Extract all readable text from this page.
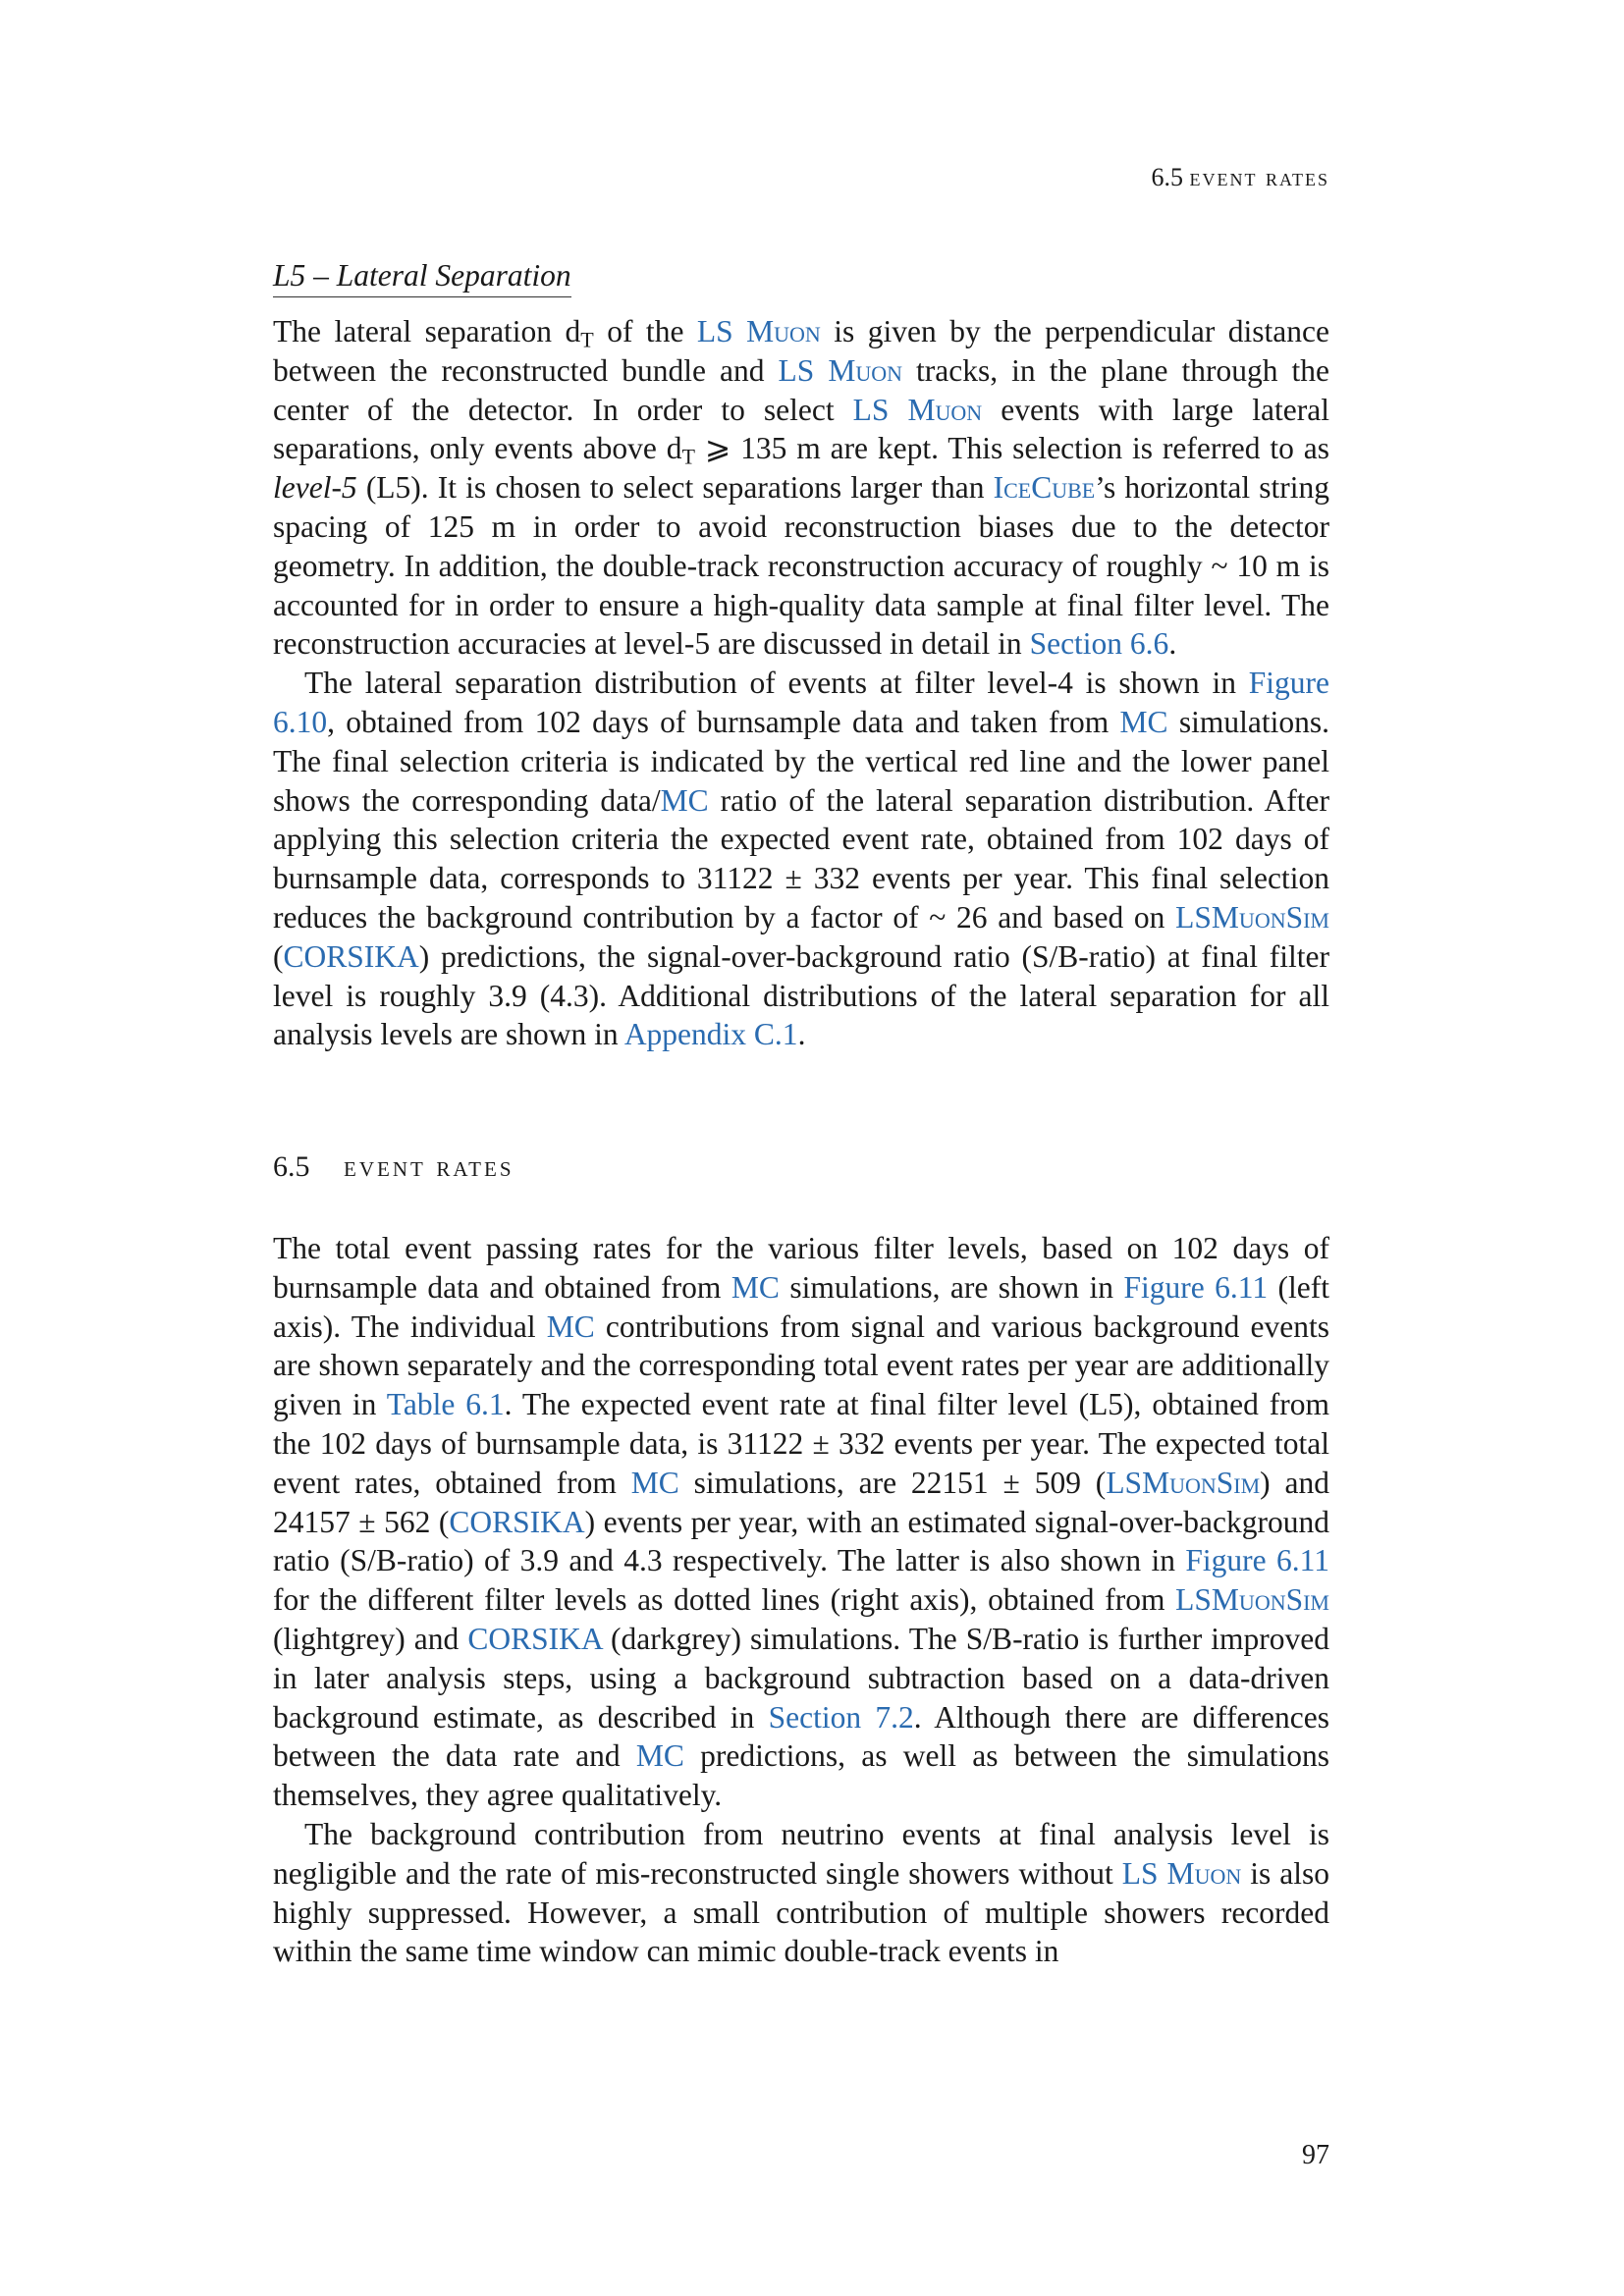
6.5 event rates
L5 – Lateral Separation

The lateral separation $d_T$ of the LS Muon is given by the perpendicular distance between the reconstructed bundle and LS Muon tracks, in the plane through the center of the detector. In order to select LS Muon events with large lateral separations, only events above $d_T$ ⩾ 135 m are kept. This selection is referred to as level-5 (L5). It is chosen to select separations larger than IceCube’s horizontal string spacing of 125 m in order to avoid reconstruction biases due to the detector geometry. In addition, the double-track reconstruction accuracy of roughly ~ 10 m is accounted for in order to ensure a high-quality data sample at final filter level. The reconstruction accuracies at level-5 are discussed in detail in Section 6.6.

The lateral separation distribution of events at filter level-4 is shown in Figure 6.10, obtained from 102 days of burnsample data and taken from MC simulations. The final selection criteria is indicated by the vertical red line and the lower panel shows the corresponding data/MC ratio of the lateral separation distribution. After applying this selection criteria the expected event rate, obtained from 102 days of burnsample data, corresponds to 31122 ± 332 events per year. This final selection reduces the background contribution by a factor of ~ 26 and based on LSMuonSim (CORSIKA) predictions, the signal-over-background ratio (S/B-ratio) at final filter level is roughly 3.9 (4.3). Additional distributions of the lateral separation for all analysis levels are shown in Appendix C.1.

6.5 event rates

The total event passing rates for the various filter levels, based on 102 days of burnsample data and obtained from MC simulations, are shown in Figure 6.11 (left axis). The individual MC contributions from signal and various background events are shown separately and the corresponding total event rates per year are additionally given in Table 6.1. The expected event rate at final filter level (L5), obtained from the 102 days of burnsample data, is 31122 ± 332 events per year. The expected total event rates, obtained from MC simulations, are 22151 ± 509 (LSMuonSim) and 24157 ± 562 (CORSIKA) events per year, with an estimated signal-over-background ratio (S/B-ratio) of 3.9 and 4.3 respectively. The latter is also shown in Figure 6.11 for the different filter levels as dotted lines (right axis), obtained from LSMuonSim (lightgrey) and CORSIKA (darkgrey) simulations. The S/B-ratio is further improved in later analysis steps, using a background subtraction based on a data-driven background estimate, as described in Section 7.2. Although there are differences between the data rate and MC predictions, as well as between the simulations themselves, they agree qualitatively.

The background contribution from neutrino events at final analysis level is negligible and the rate of mis-reconstructed single showers without LS Muon is also highly suppressed. However, a small contribution of multiple showers recorded within the same time window can mimic double-track events in

97
